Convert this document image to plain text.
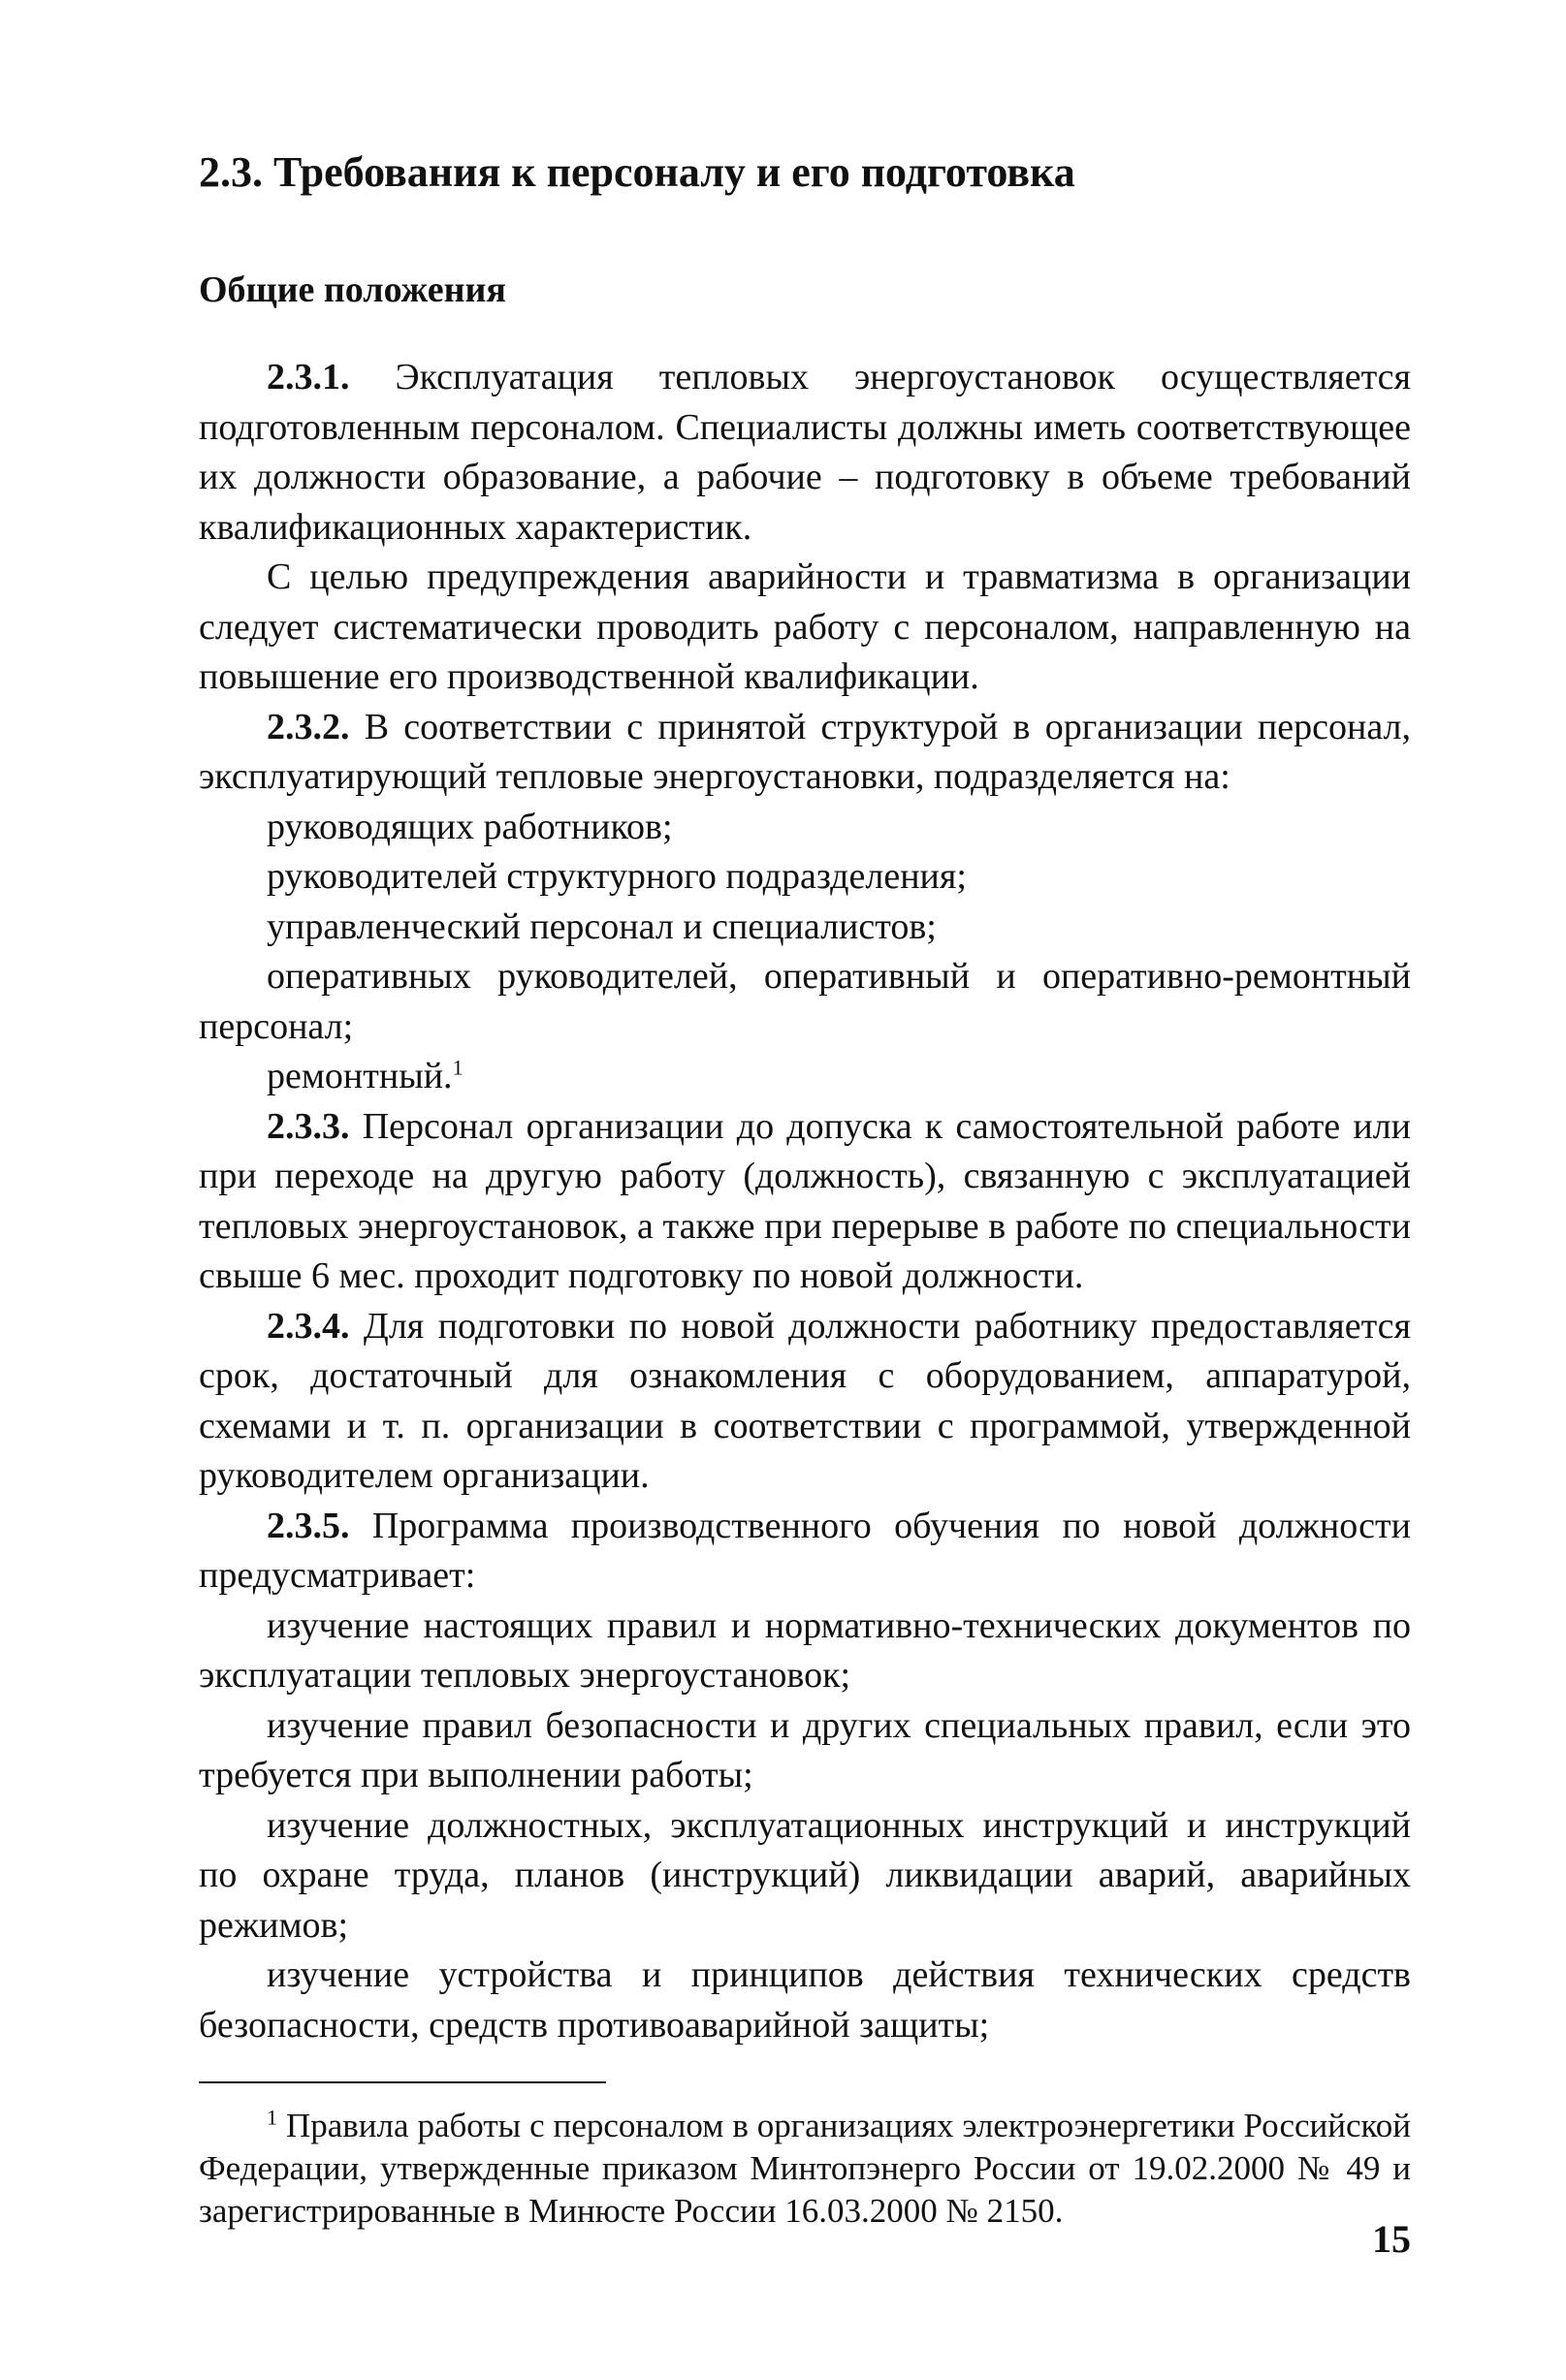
2.3. Требования к персоналу и его подготовка
Общие положения

2.3.1. Эксплуатация тепловых энергоустановок осуществляется подготовленным персоналом. Специалисты должны иметь соответствующее их должности образование, а рабочие – подготовку в объеме требований квалификационных характеристик.

С целью предупреждения аварийности и травматизма в организации следует систематически проводить работу с персоналом, направленную на повышение его производственной квалификации.

2.3.2. В соответствии с принятой структурой в организации персонал, эксплуатирующий тепловые энергоустановки, подразделяется на:

руководящих работников;

руководителей структурного подразделения;

управленческий персонал и специалистов;

оперативных руководителей, оперативный и оперативно-ремонтный персонал;

ремонтный.$^1$

2.3.3. Персонал организации до допуска к самостоятельной работе или при переходе на другую работу (должность), связанную с эксплуатацией тепловых энергоустановок, а также при перерыве в работе по специальности свыше 6 мес. проходит подготовку по новой должности.

2.3.4. Для подготовки по новой должности работнику предоставляется срок, достаточный для ознакомления с оборудованием, аппаратурой, схемами и т. п. организации в соответствии с программой, утвержденной руководителем организации.

2.3.5. Программа производственного обучения по новой должности предусматривает:

изучение настоящих правил и нормативно-технических документов по эксплуатации тепловых энергоустановок;

изучение правил безопасности и других специальных правил, если это требуется при выполнении работы;

изучение должностных, эксплуатационных инструкций и инструкций по охране труда, планов (инструкций) ликвидации аварий, аварийных режимов;

изучение устройства и принципов действия технических средств безопасности, средств противоаварийной защиты;

$^1$ Правила работы с персоналом в организациях электроэнергетики Российской Федерации, утвержденные приказом Минтопэнерго России от 19.02.2000 № 49 и зарегистрированные в Минюсте России 16.03.2000 № 2150.

15
